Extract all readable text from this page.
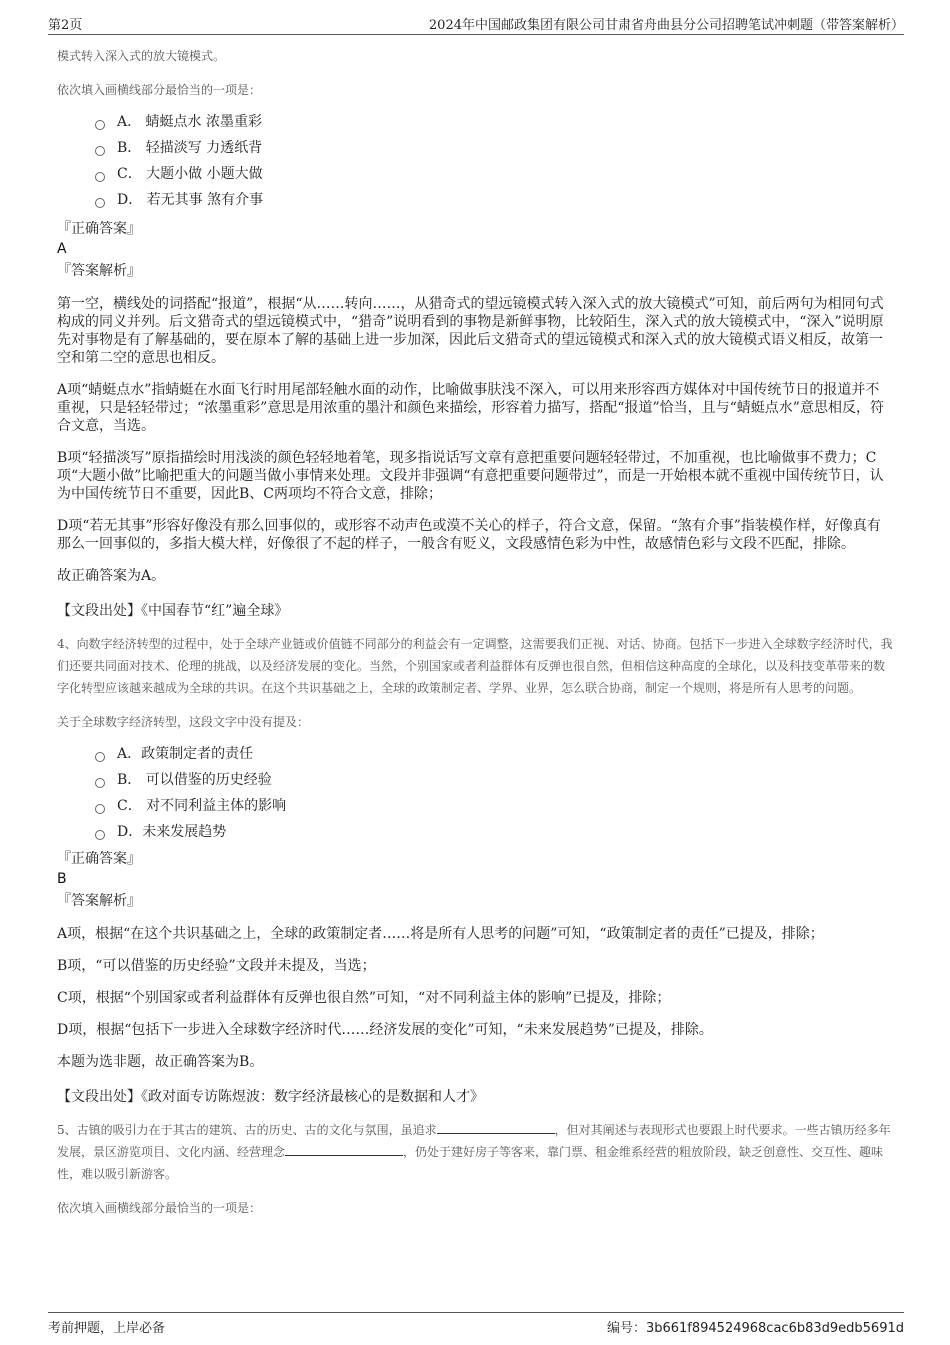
第2页	2024年中国邮政集团有限公司甘肃省舟曲县分公司招聘笔试冲刺题（带答案解析）

模式转入深入式的放大镜模式。

依次填入画横线部分最恰当的一项是：

A． 蜻蜓点水 浓墨重彩
B． 轻描淡写 力透纸背
C． 大题小做 小题大做
D． 若无其事 煞有介事

『正确答案』

A

『答案解析』

第一空，横线处的词搭配“报道”，根据“从……转向……，从猎奇式的望远镜模式转入深入式的放大镜模式”可知，前后两句为相同句式构成的同义并列。后文猎奇式的望远镜模式中，“猎奇”说明看到的事物是新鲜事物，比较陌生，深入式的放大镜模式中，“深入”说明原先对事物是有了解基础的，要在原本了解的基础上进一步加深，因此后文猎奇式的望远镜模式和深入式的放大镜模式语义相反，故第一空和第二空的意思也相反。

A项“蜻蜓点水”指蜻蜓在水面飞行时用尾部轻触水面的动作，比喻做事肤浅不深入，可以用来形容西方媒体对中国传统节日的报道并不重视，只是轻轻带过；“浓墨重彩”意思是用浓重的墨汁和颜色来描绘，形容着力描写，搭配“报道”恰当，且与“蜻蜓点水”意思相反，符合文意，当选。

B项“轻描淡写”原指描绘时用浅淡的颜色轻轻地着笔，现多指说话写文章有意把重要问题轻轻带过，不加重视，也比喻做事不费力；C项“大题小做”比喻把重大的问题当做小事情来处理。文段并非强调“有意把重要问题带过”，而是一开始根本就不重视中国传统节日，认为中国传统节日不重要，因此B、C两项均不符合文意，排除；

D项“若无其事”形容好像没有那么回事似的，或形容不动声色或漠不关心的样子，符合文意，保留。“煞有介事”指装模作样，好像真有那么一回事似的，多指大模大样，好像很了不起的样子，一般含有贬义，文段感情色彩为中性，故感情色彩与文段不匹配，排除。

故正确答案为A。

【文段出处】《中国春节“红”遍全球》

4、向数字经济转型的过程中，处于全球产业链或价值链不同部分的利益会有一定调整，这需要我们正视、对话、协商。包括下一步进入全球数字经济时代，我们还要共同面对技术、伦理的挑战，以及经济发展的变化。当然，个别国家或者利益群体有反弹也很自然，但相信这种高度的全球化，以及科技变革带来的数字化转型应该越来越成为全球的共识。在这个共识基础之上，全球的政策制定者、学界、业界，怎么联合协商，制定一个规则，将是所有人思考的问题。

关于全球数字经济转型，这段文字中没有提及：

A．政策制定者的责任
B． 可以借鉴的历史经验
C． 对不同利益主体的影响
D．未来发展趋势

『正确答案』

B

『答案解析』

A项，根据“在这个共识基础之上，全球的政策制定者……将是所有人思考的问题”可知，“政策制定者的责任”已提及，排除；

B项，“可以借鉴的历史经验”文段并未提及，当选；

C项，根据“个别国家或者利益群体有反弹也很自然”可知，“对不同利益主体的影响”已提及，排除；

D项，根据“包括下一步进入全球数字经济时代……经济发展的变化”可知，“未来发展趋势”已提及，排除。

本题为选非题，故正确答案为B。

【文段出处】《政对面专访陈煜波：数字经济最核心的是数据和人才》

5、古镇的吸引力在于其古的建筑、古的历史、古的文化与氛围，虽追求	，但对其阐述与表现形式也要跟上时代要求。一些古镇历经多年发展，景区游览项目、文化内涵、经营理念	，仍处于建好房子等客来，靠门票、租金维系经营的粗放阶段，缺乏创意性、交互性、趣味性，难以吸引新游客。

依次填入画横线部分最恰当的一项是：

考前押题，上岸必备	编号：3b661f894524968cac6b83d9edb5691d
